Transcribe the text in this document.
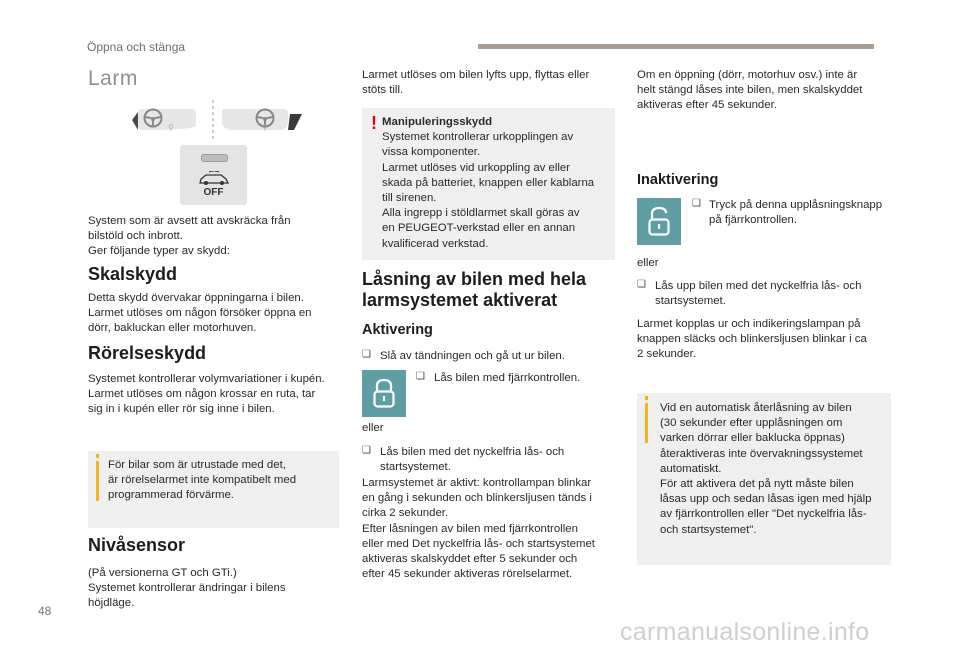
Öppna och stänga
Larm
⚲	⚲
OFF

System som är avsett att avskräcka från

bilstöld och inbrott.

Ger följande typer av skydd:

Skalskydd

Detta skydd övervakar öppningarna i bilen.

Larmet utlöses om någon försöker öppna en

dörr, bakluckan eller motorhuven.

Rörelseskydd

Systemet kontrollerar volymvariationer i kupén.

Larmet utlöses om någon krossar en ruta, tar

sig in i kupén eller rör sig inne i bilen.

För bilar som är utrustade med det,

är rörelselarmet inte kompatibelt med

programmerad förvärme.

Nivåsensor

(På versionerna GT och GTi.)

Systemet kontrollerar ändringar i bilens

höjdläge.

Larmet utlöses om bilen lyfts upp, flyttas eller

stöts till.

! Manipuleringsskydd

Systemet kontrollerar urkopplingen av

vissa komponenter.

Larmet utlöses vid urkoppling av eller

skada på batteriet, knappen eller kablarna

till sirenen.

Alla ingrepp i stöldlarmet skall göras av

en PEUGEOT-verkstad eller en annan

kvalificerad verkstad.

Låsning av bilen med hela
larmsystemet aktiverat
Aktivering
❑ Slå av tändningen och gå ut ur bilen.

❑ Lås bilen med fjärrkontrollen.

eller
❑ Lås bilen med det nyckelfria lås- och

startsystemet.

Larmsystemet är aktivt: kontrollampan blinkar

en gång i sekunden och blinkersljusen tänds i

cirka 2 sekunder.

Efter låsningen av bilen med fjärrkontrollen

eller med Det nyckelfria lås- och startsystemet

aktiveras skalskyddet efter 5 sekunder och

efter 45 sekunder aktiveras rörelselarmet.

Om en öppning (dörr, motorhuv osv.) inte är

helt stängd låses inte bilen, men skalskyddet

aktiveras efter 45 sekunder.

Inaktivering
❑ Tryck på denna upplåsningsknapp

på fjärrkontrollen.

eller
❑ Lås upp bilen med det nyckelfria lås- och

startsystemet.

Larmet kopplas ur och indikeringslampan på

knappen släcks och blinkersljusen blinkar i ca

2 sekunder.

Vid en automatisk återlåsning av bilen

(30 sekunder efter upplåsningen om

varken dörrar eller baklucka öppnas)

återaktiveras inte övervakningssystemet

automatiskt.

För att aktivera det på nytt måste bilen

låsas upp och sedan låsas igen med hjälp

av fjärrkontrollen eller "Det nyckelfria lås-

och startsystemet".

48
carmanualsonline.info
